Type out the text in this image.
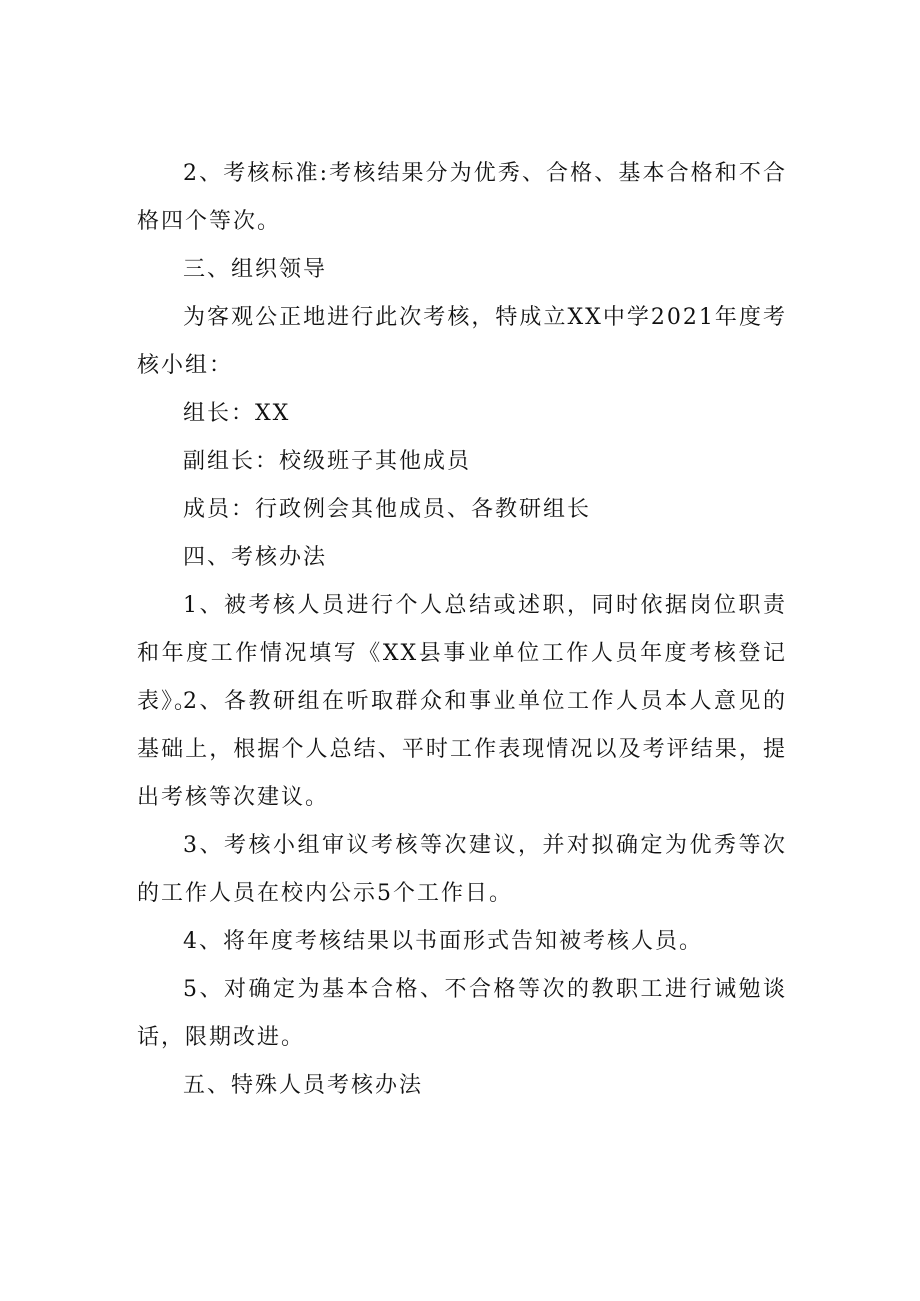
2、考核标准:考核结果分为优秀、合格、基本合格和不合格四个等次。

三、组织领导

为客观公正地进行此次考核，特成立XX中学2021年度考核小组：

组长：XX

副组长：校级班子其他成员

成员：行政例会其他成员、各教研组长

四、考核办法

1、被考核人员进行个人总结或述职，同时依据岗位职责和年度工作情况填写《XX县事业单位工作人员年度考核登记表》。

2、各教研组在听取群众和事业单位工作人员本人意见的基础上，根据个人总结、平时工作表现情况以及考评结果，提出考核等次建议。

3、考核小组审议考核等次建议，并对拟确定为优秀等次的工作人员在校内公示5个工作日。

4、将年度考核结果以书面形式告知被考核人员。

5、对确定为基本合格、不合格等次的教职工进行诫勉谈话，限期改进。

五、特殊人员考核办法
